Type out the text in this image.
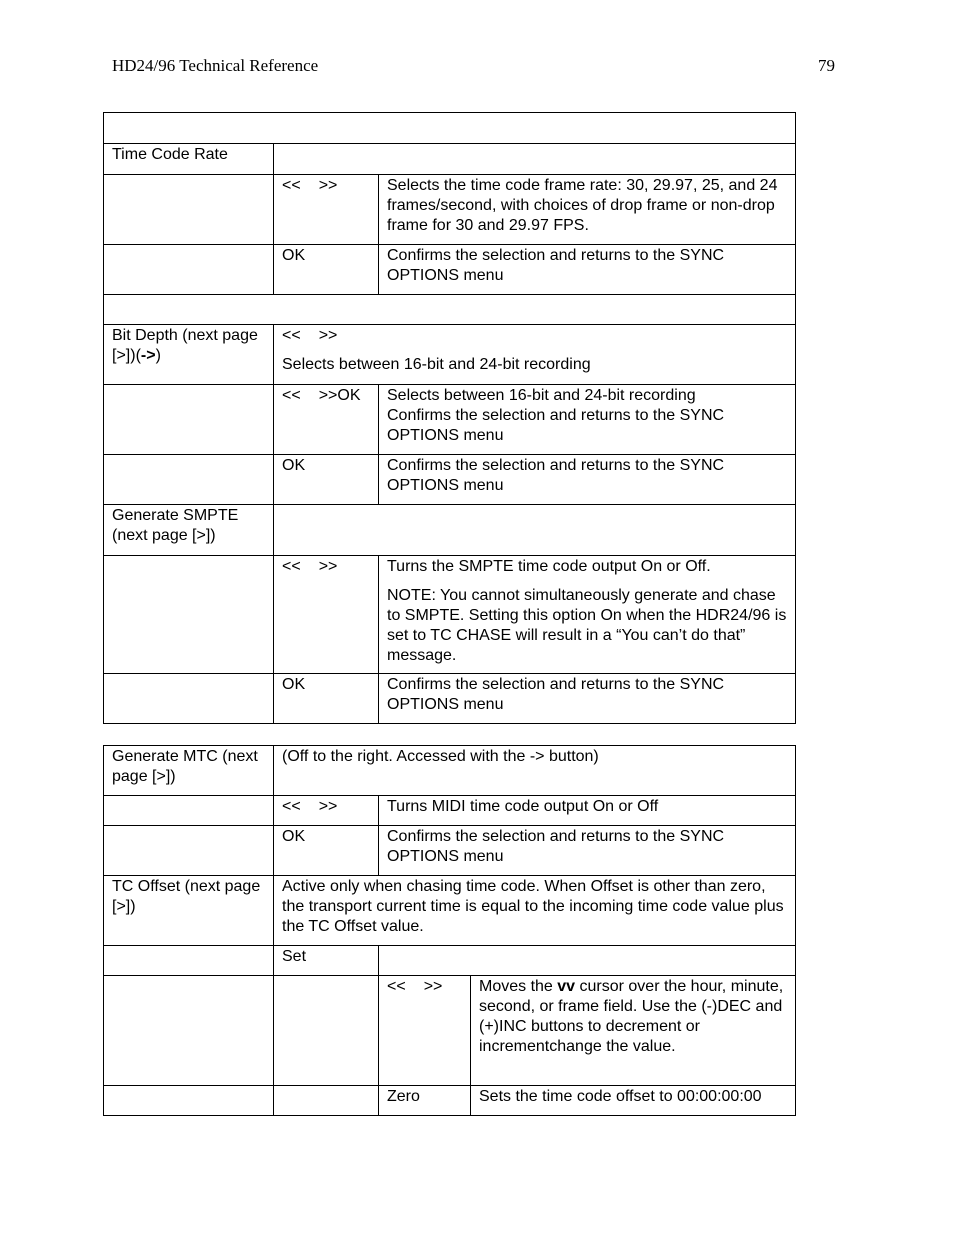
HD24/96 Technical Reference	79

Time Code Rate		
	<< >>	Selects the time code frame rate: 30, 29.97, 25, and 24 frames/second, with choices of drop frame or non-drop frame for 30 and 29.97 FPS.
	OK	Confirms the selection and returns to the SYNC OPTIONS menu

Bit Depth (next page [>])(->)	<< >>

Selects between 16-bit and 24-bit recording	

	<< >>OK	Selects between 16-bit and 24-bit recording
Confirms the selection and returns to the SYNC OPTIONS menu

	OK	Confirms the selection and returns to the SYNC OPTIONS menu
Generate SMPTE (next page [>])		
	<< >>	Turns the SMPTE time code output On or Off.

NOTE: You cannot simultaneously generate and chase to SMPTE. Setting this option On when the HDR24/96 is set to TC CHASE will result in a “You can’t do that” message.

	OK	Confirms the selection and returns to the SYNC OPTIONS menu
Generate MTC (next page [>])	(Off to the right. Accessed with the -> button)		
	<< >>	Turns MIDI time code output On or Off	
	OK	Confirms the selection and returns to the SYNC OPTIONS menu	
TC Offset (next page [>])	Active only when chasing time code. When Offset is other than zero, the transport current time is equal to the incoming time code value plus the TC Offset value.		
	Set		
		<< >>	Moves the vv cursor over the hour, minute, second, or frame field. Use the (-)DEC and (+)INC buttons to decrement or incrementchange the value.
		Zero	Sets the time code offset to 00:00:00:00
